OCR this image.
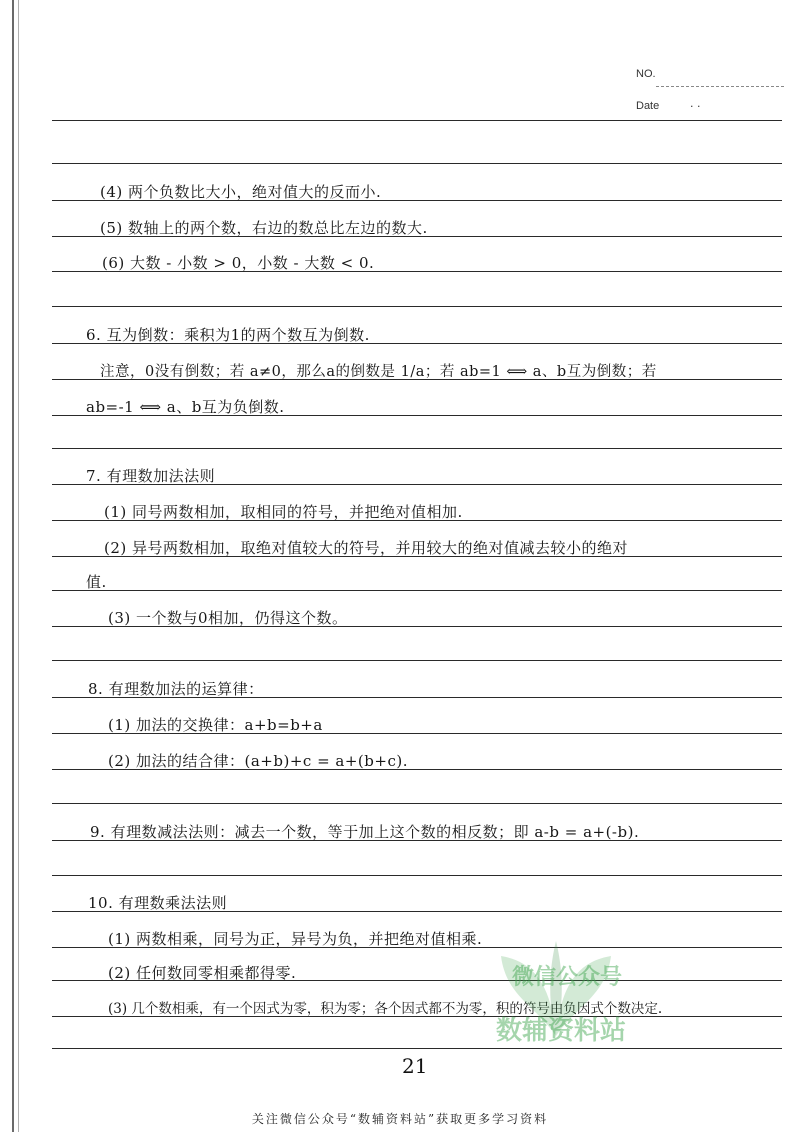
NO.
Date	· ·
(4) 两个负数比大小，绝对值大的反而小.
(5) 数轴上的两个数，右边的数总比左边的数大.
(6) 大数 - 小数 > 0，小数 - 大数 < 0.
6. 互为倒数：乘积为1的两个数互为倒数.
注意，0没有倒数；若 a≠0，那么a的倒数是 1/a；若 ab=1 ⟺ a、b互为倒数；若
ab=-1 ⟺ a、b互为负倒数.
7. 有理数加法法则
(1) 同号两数相加，取相同的符号，并把绝对值相加.
(2) 异号两数相加，取绝对值较大的符号，并用较大的绝对值减去较小的绝对
值.
(3) 一个数与0相加，仍得这个数。
8. 有理数加法的运算律：
(1) 加法的交换律：a+b=b+a
(2) 加法的结合律：(a+b)+c = a+(b+c).
9. 有理数减法法则：减去一个数，等于加上这个数的相反数；即 a-b = a+(-b).
10. 有理数乘法法则
(1) 两数相乘，同号为正，异号为负，并把绝对值相乘.
(2) 任何数同零相乘都得零.
(3) 几个数相乘，有一个因式为零，积为零；各个因式都不为零，积的符号由负因式个数决定.
微信公众号
数辅资料站
21
关注微信公众号“数辅资料站”获取更多学习资料
